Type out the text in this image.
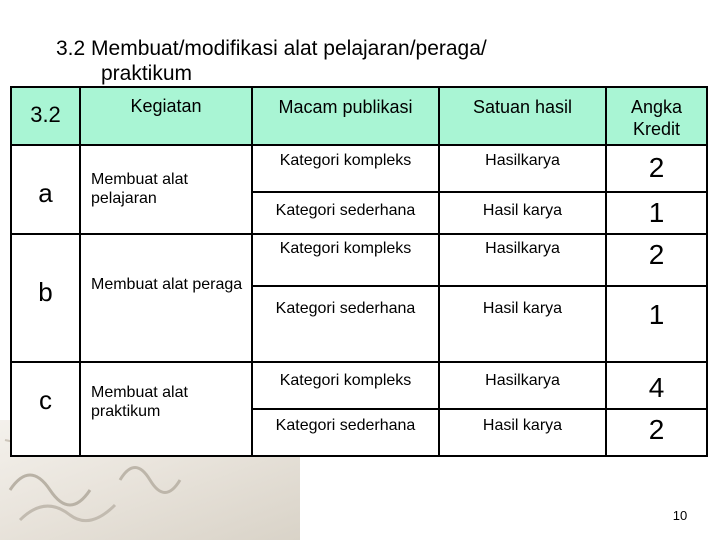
3.2 Membuat/modifikasi alat pelajaran/peraga/
praktikum
3.2	Kegiatan	Macam publikasi	Satuan hasil	Angka Kredit
a	Membuat alat pelajaran	Kategori kompleks	Hasilkarya	2
		Kategori sederhana	Hasil karya	1
b	Membuat alat peraga	Kategori kompleks	Hasilkarya	2
		Kategori sederhana	Hasil karya	1
c	Membuat alat praktikum	Kategori kompleks	Hasilkarya	4
		Kategori sederhana	Hasil karya	2
10
